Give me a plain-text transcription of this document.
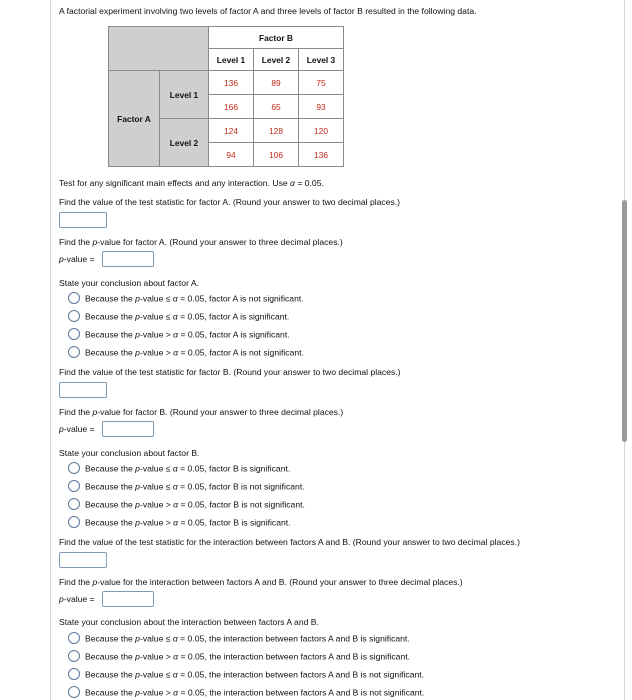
A factorial experiment involving two levels of factor A and three levels of factor B resulted in the following data.
		Factor B		
		Level 1	Level 2	Level 3
Factor A	Level 1	136	89	75
		166	65	93
	Level 2	124	128	120
		94	106	136
Test for any significant main effects and any interaction. Use α = 0.05.
Find the value of the test statistic for factor A. (Round your answer to two decimal places.)
Find the p-value for factor A. (Round your answer to three decimal places.)
p-value =
State your conclusion about factor A.
Because the p-value ≤ α = 0.05, factor A is not significant.
Because the p-value ≤ α = 0.05, factor A is significant.
Because the p-value > α = 0.05, factor A is significant.
Because the p-value > α = 0.05, factor A is not significant.
Find the value of the test statistic for factor B. (Round your answer to two decimal places.)
Find the p-value for factor B. (Round your answer to three decimal places.)
p-value =
State your conclusion about factor B.
Because the p-value ≤ α = 0.05, factor B is significant.
Because the p-value ≤ α = 0.05, factor B is not significant.
Because the p-value > α = 0.05, factor B is not significant.
Because the p-value > α = 0.05, factor B is significant.
Find the value of the test statistic for the interaction between factors A and B. (Round your answer to two decimal places.)
Find the p-value for the interaction between factors A and B. (Round your answer to three decimal places.)
p-value =
State your conclusion about the interaction between factors A and B.
Because the p-value ≤ α = 0.05, the interaction between factors A and B is significant.
Because the p-value > α = 0.05, the interaction between factors A and B is significant.
Because the p-value ≤ α = 0.05, the interaction between factors A and B is not significant.
Because the p-value > α = 0.05, the interaction between factors A and B is not significant.
